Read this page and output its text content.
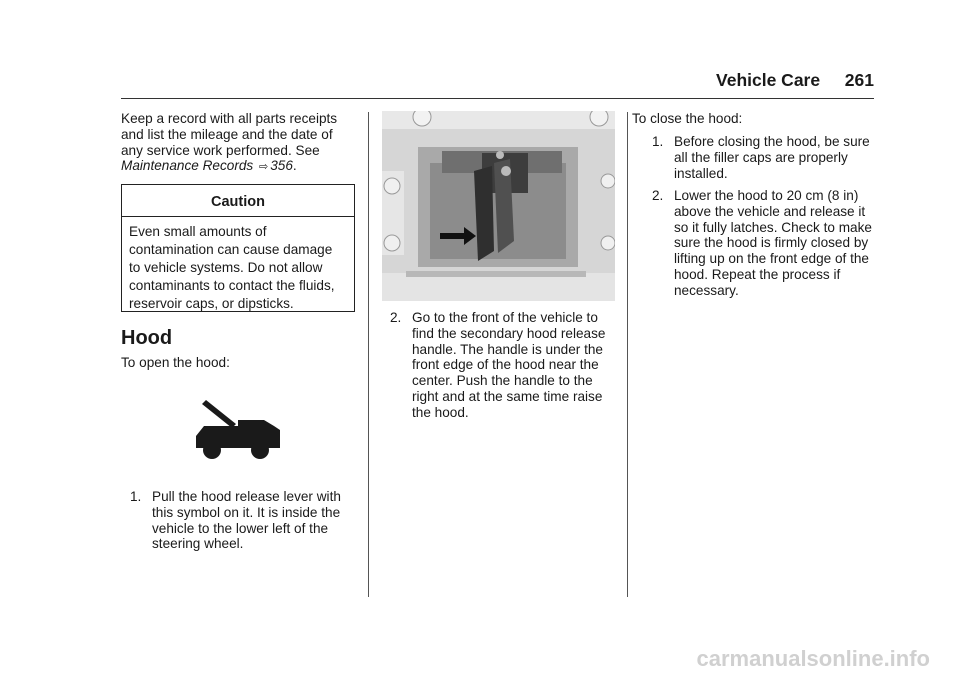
Vehicle Care 261

Keep a record with all parts receipts and list the mileage and the date of any service work performed. See
Maintenance Records ⇨ 356.

Caution
Even small amounts of contamination can cause damage to vehicle systems. Do not allow contaminants to contact the fluids, reservoir caps, or dipsticks.
Hood
To open the hood:
1. Pull the hood release lever with this symbol on it. It is inside the vehicle to the lower left of the steering wheel.

2. Go to the front of the vehicle to find the secondary hood release handle. The handle is under the front edge of the hood near the center. Push the handle to the right and at the same time raise the hood.

To close the hood:
1. Before closing the hood, be sure all the filler caps are properly installed.

2. Lower the hood to 20 cm (8 in) above the vehicle and release it so it fully latches. Check to make sure the hood is firmly closed by lifting up on the front edge of the hood. Repeat the process if necessary.

carmanualsonline.info
